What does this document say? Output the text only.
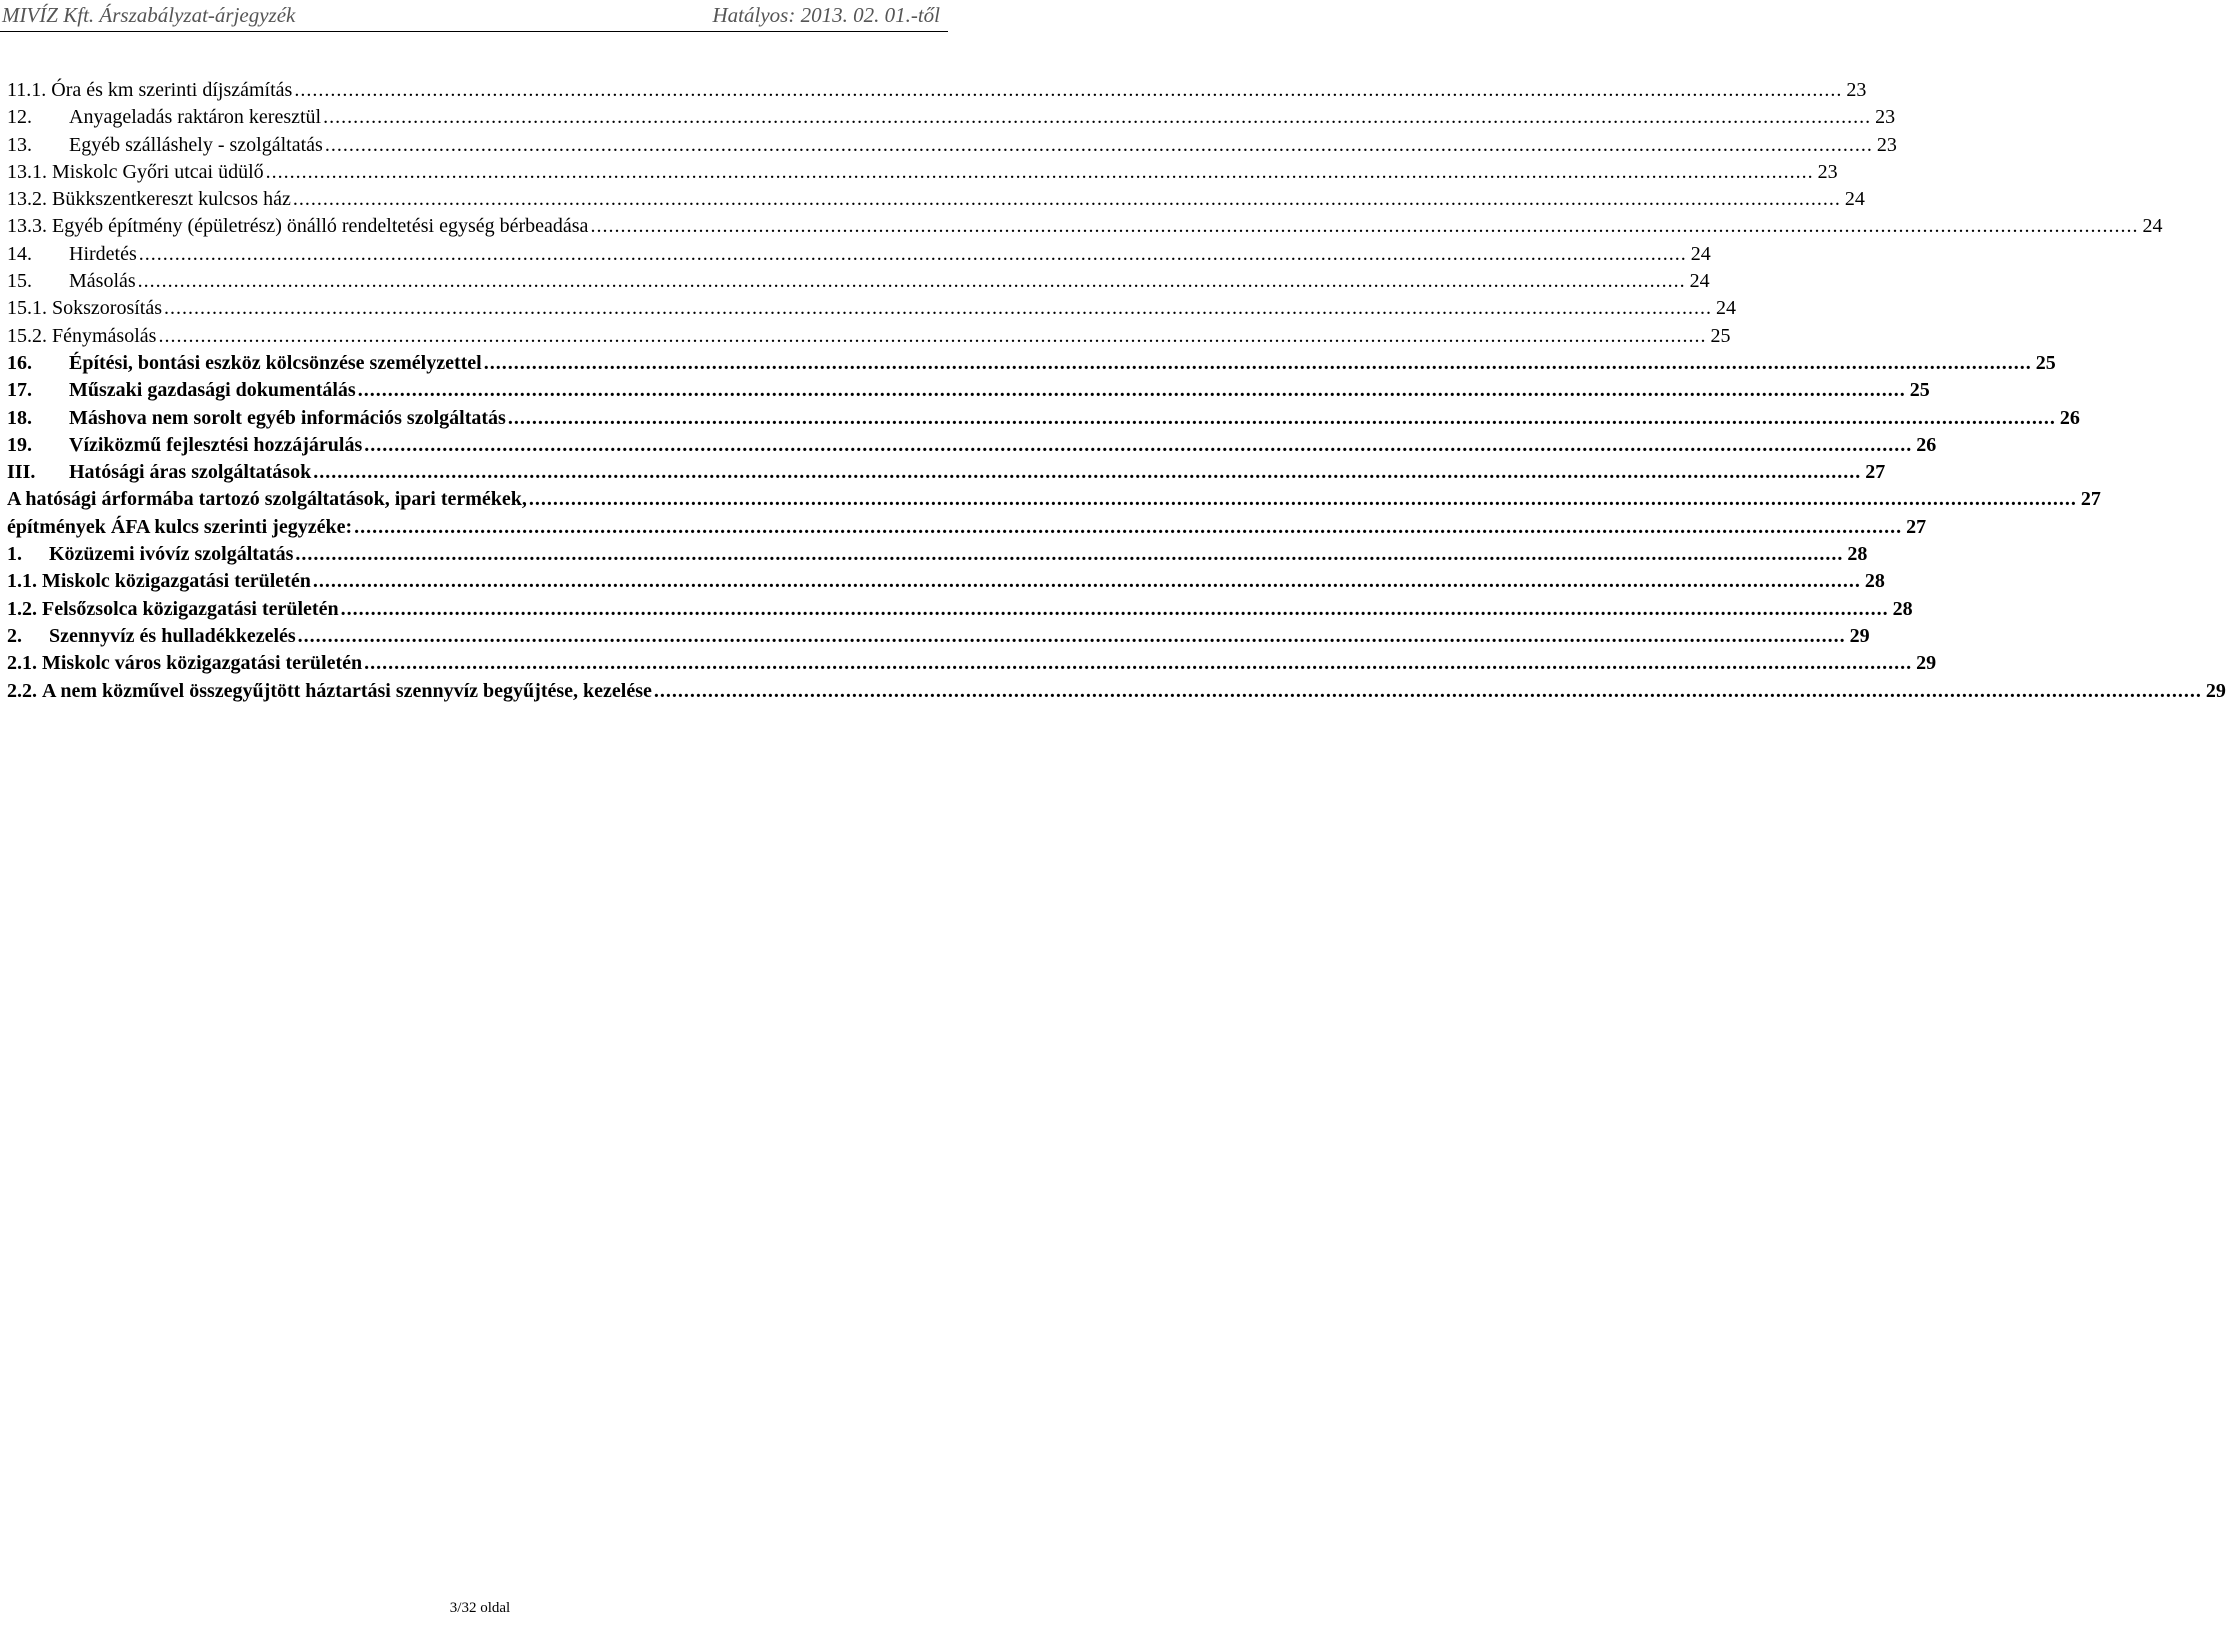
MIVÍZ Kft. Árszabályzat-árjegyzék	Hatályos: 2013. 02. 01.-től
11.1. Óra és km szerinti díjszámítás .....	23
12.	Anyageladás raktáron keresztül .....	23
13.	Egyéb szálláshely - szolgáltatás .....	23
13.1. Miskolc Győri utcai üdülő .....	23
13.2. Bükkszentkereszt kulcsos ház .....	24
13.3. Egyéb építmény (épületrész) önálló rendeltetési egység bérbeadása .....	24
14.	Hirdetés .....	24
15.	Másolás .....	24
15.1. Sokszorosítás .....	24
15.2. Fénymásolás .....	25
16.	Építési, bontási eszköz kölcsönzése személyzettel .....	25
17.	Műszaki gazdasági dokumentálás .....	25
18.	Máshova nem sorolt egyéb információs szolgáltatás .....	26
19.	Víziközmű fejlesztési hozzájárulás .....	26
III.	Hatósági áras szolgáltatások .....	27
A hatósági árformába tartozó szolgáltatások, ipari termékek, .....	27
építmények ÁFA kulcs szerinti jegyzéke: .....	27
1.	Közüzemi ivóvíz szolgáltatás .....	28
1.1. Miskolc közigazgatási területén .....	28
1.2. Felsőzsolca közigazgatási területén .....	28
2.	Szennyvíz és hulladékkezelés .....	29
2.1. Miskolc város közigazgatási területén .....	29
2.2. A nem közművel összegyűjtött háztartási szennyvíz begyűjtése, kezelése .....	29
3/32 oldal
